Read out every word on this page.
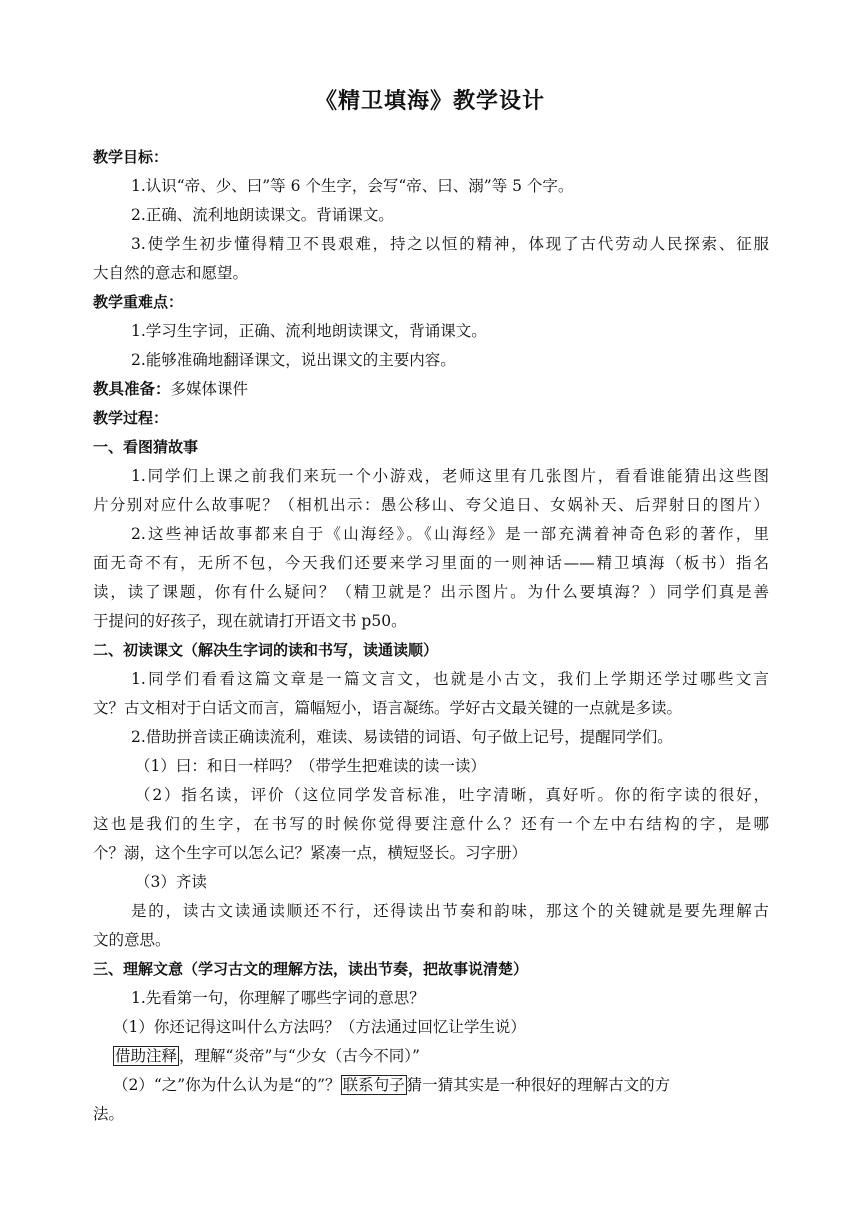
《精卫填海》教学设计
教学目标：
1.认识“帝、少、曰”等 6 个生字，会写“帝、曰、溺”等 5 个字。
2.正确、流利地朗读课文。背诵课文。
3.使学生初步懂得精卫不畏艰难，持之以恒的精神，体现了古代劳动人民探索、征服
大自然的意志和愿望。
教学重难点：
1.学习生字词，正确、流利地朗读课文，背诵课文。
2.能够准确地翻译课文，说出课文的主要内容。
教具准备：多媒体课件
教学过程：
一、看图猜故事
1.同学们上课之前我们来玩一个小游戏，老师这里有几张图片，看看谁能猜出这些图
片分别对应什么故事呢？（相机出示：愚公移山、夸父追日、女娲补天、后羿射日的图片）
2.这些神话故事都来自于《山海经》。《山海经》是一部充满着神奇色彩的著作，里
面无奇不有，无所不包，今天我们还要来学习里面的一则神话——精卫填海（板书）指名
读，读了课题，你有什么疑问？（精卫就是？出示图片。为什么要填海？）同学们真是善
于提问的好孩子，现在就请打开语文书 p50。
二、初读课文（解决生字词的读和书写，读通读顺）
1.同学们看看这篇文章是一篇文言文，也就是小古文，我们上学期还学过哪些文言
文？古文相对于白话文而言，篇幅短小，语言凝练。学好古文最关键的一点就是多读。
2.借助拼音读正确读流利，难读、易读错的词语、句子做上记号，提醒同学们。
（1）曰：和日一样吗？（带学生把难读的读一读）
（2）指名读，评价（这位同学发音标准，吐字清晰，真好听。你的衔字读的很好，
这也是我们的生字，在书写的时候你觉得要注意什么？还有一个左中右结构的字，是哪
个？溺，这个生字可以怎么记？紧凑一点，横短竖长。习字册）
（3）齐读
是的，读古文读通读顺还不行，还得读出节奏和韵味，那这个的关键就是要先理解古
文的意思。
三、理解文意（学习古文的理解方法，读出节奏，把故事说清楚）
1.先看第一句，你理解了哪些字词的意思？
（1）你还记得这叫什么方法吗？（方法通过回忆让学生说）
借助注释 ，理解“炎帝”与“少女（古今不同）”
（2）“之”你为什么认为是“的”？ 联系句子 猜一猜其实是一种很好的理解古文的方
法。
